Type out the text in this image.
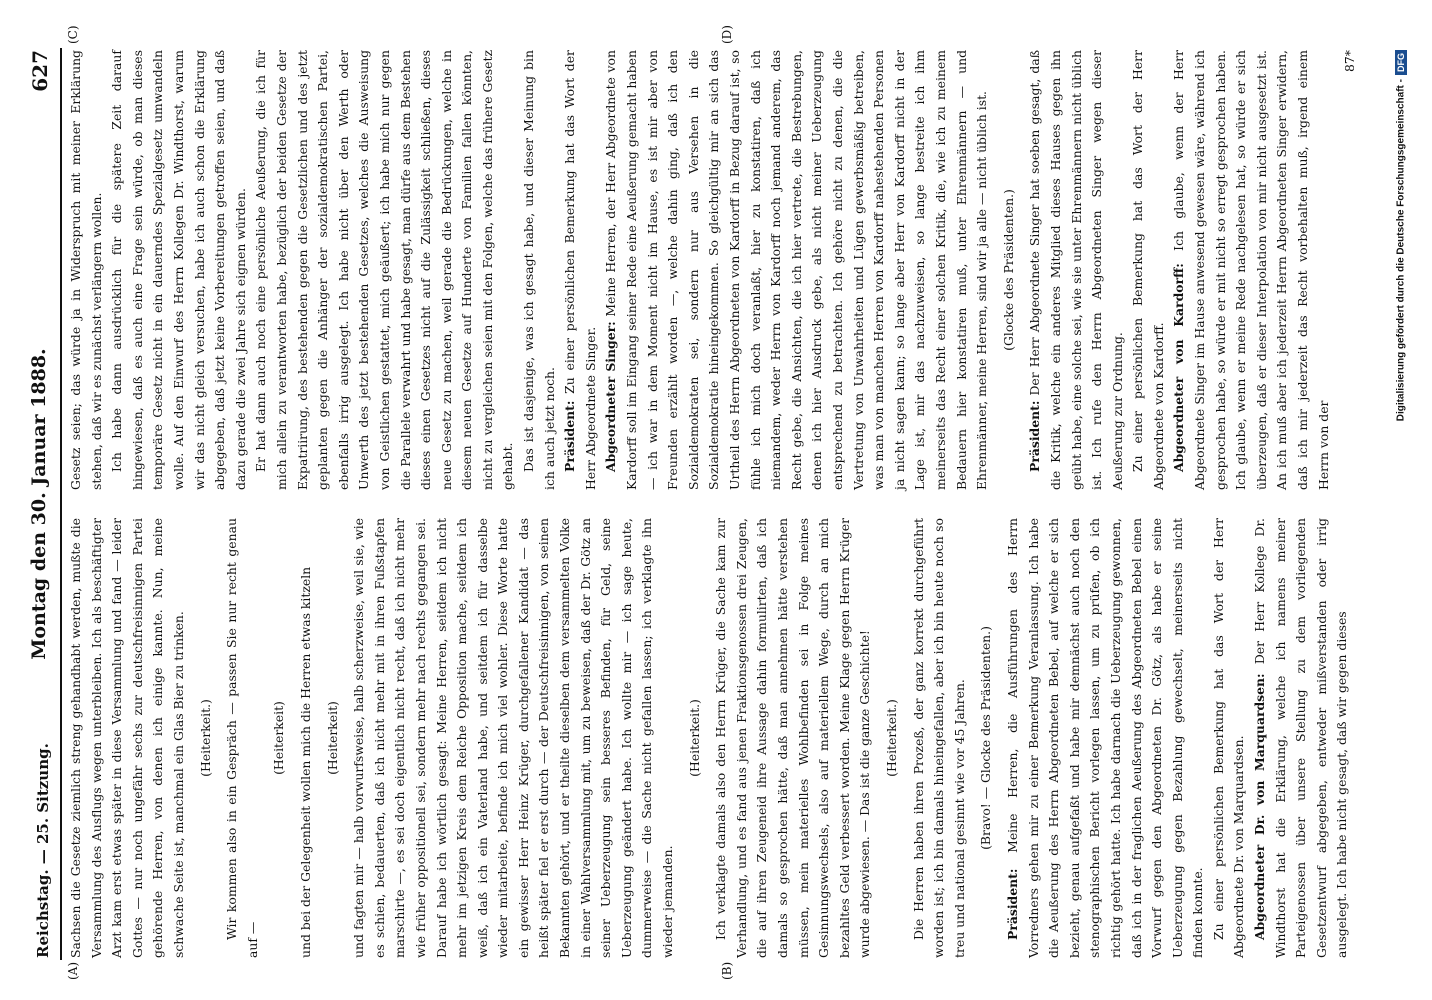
Reichstag. — 25. Sitzung.
Montag den 30. Januar 1888.
627
(A)	(B)
(C)	(D)

Sachsen die Gesetze ziemlich streng gehandhabt werden, mußte die Versammlung des Ausflugs wegen unterbleiben. Ich als beschäftigter Arzt kam erst etwas später in diese Versammlung und fand — leider Gottes — nur noch ungefähr sechs zur deutschfreisinnigen Partei gehörende Herren, von denen ich einige kannte. Nun, meine schwache Seite ist, manchmal ein Glas Bier zu trinken. (Heiterkeit.) Wir kommen also in ein Gespräch — passen Sie nur recht genau auf —

(Heiterkeit) und bei der Gelegenheit wollen mich die Herren etwas kitzeln (Heiterkeit) und fagten mir — halb vorwurfsweise, halb scherzweise, weil sie, wie es schien, bedauerten, daß ich nicht mehr mit in ihren Fußstapfen marschirte —, es sei doch eigentlich nicht recht, daß ich nicht mehr wie früher oppositionell sei, sondern mehr nach rechts gegangen sei. Darauf habe ich wörtlich gesagt: Meine Herren, seitdem ich nicht mehr im jetzigen Kreis dem Reiche Opposition mache, seitdem ich weiß, daß ich ein Vaterland habe, und seitdem ich für dasselbe wieder mitarbeite, befinde ich mich viel wohler. Diese Worte hatte ein gewisser Herr Heinz Krüger, durchgefallener Kandidat — das heißt später fiel er erst durch — der Deutschfreisinnigen, von seinen Bekannten gehört, und er theilte dieselben dem versammelten Volke in einer Wahlversammlung mit, um zu beweisen, daß der Dr. Götz an seiner Ueberzeugung sein besseres Befinden, für Geld, seine Ueberzeugung geändert habe. Ich wollte mir — ich sage heute, dummerweise — die Sache nicht gefallen lassen; ich verklagte ihn wieder jemanden.

(Heiterkeit.) Ich verklagte damals also den Herrn Krüger, die Sache kam zur Verhandlung, und es fand aus jenen Fraktionsgenossen drei Zeugen, die auf ihren Zeugeneid ihre Aussage dahin formulirten, daß ich damals so gesprochen hätte, daß man annehmen hätte verstehen müssen, mein materielles Wohlbefinden sei in Folge meines Gesinnungswechsels, also auf materiellem Wege, durch an mich bezahltes Geld verbessert worden. Meine Klage gegen Herrn Krüger wurde abgewiesen. — Das ist die ganze Geschichte! (Heiterkeit.) Die Herren haben ihren Prozeß, der ganz korrekt durchgeführt worden ist; ich bin damals hineingefallen, aber ich bin heute noch so treu und national gesinnt wie vor 45 Jahren. (Bravo! — Glocke des Präsidenten.)

Präsident: Meine Herren, die Ausführungen des Herrn Vorredners gehen mir zu einer Bemerkung Veranlassung. Ich habe die Aeußerung des Herrn Abgeordneten Bebel, auf welche er sich bezieht, genau aufgefaßt und habe mir demnächst auch noch den stenographischen Bericht vorlegen lassen, um zu prüfen, ob ich richtig gehört hatte. Ich habe darnach die Ueberzeugung gewonnen, daß ich in der fraglichen Aeußerung des Abgeordneten Bebel einen Vorwurf gegen den Abgeordneten Dr. Götz, als habe er seine Ueberzeugung gegen Bezahlung gewechselt, meinerseits nicht finden konnte. Zu einer persönlichen Bemerkung hat das Wort der Herr Abgeordnete Dr. von Marquardsen. Abgeordneter Dr. von Marquardsen: Der Herr Kollege Dr. Windthorst hat die Erklärung, welche ich namens meiner Parteigenossen über unsere Stellung zu dem vorliegenden Gesetzentwurf abgegeben, entweder mißverstanden oder irrig ausgelegt. Ich habe nicht gesagt, daß wir gegen dieses

Gesetz seien; das würde ja in Widerspruch mit meiner Erklärung stehen, daß wir es zunächst verlängern wollen. Ich habe dann ausdrücklich für die spätere Zeit darauf hingewiesen, daß es auch eine Frage sein würde, ob man dieses temporäre Gesetz nicht in ein dauerndes Spezialgesetz umwandeln wolle. Auf den Einwurf des Herrn Kollegen Dr. Windthorst, warum wir das nicht gleich versuchen, habe ich auch schon die Erklärung abgegeben, daß jetzt keine Vorbereitungen getroffen seien, und daß dazu gerade die zwei Jahre sich eignen würden. Er hat dann auch noch eine persönliche Aeußerung, die ich für mich allein zu verantworten habe, bezüglich der beiden Gesetze der Expatriirung, des bestehenden gegen die Gesetzlichen und des jetzt geplanten gegen die Anhänger der sozialdemokratischen Partei, ebenfalls irrig ausgelegt. Ich habe nicht über den Werth oder Unwerth des jetzt bestehenden Gesetzes, welches die Ausweisung von Geistlichen gestattet, mich geäußert; ich habe mich nur gegen die Parallele verwahrt und habe gesagt, man dürfe aus dem Bestehen dieses einen Gesetzes nicht auf die Zulässigkeit schließen, dieses neue Gesetz zu machen, weil gerade die Bedrückungen, welche in diesem neuen Gesetze auf Hunderte von Familien fallen könnten, nicht zu vergleichen seien mit den Folgen, welche das frühere Gesetz gehabt. Das ist dasjenige, was ich gesagt habe, und dieser Meinung bin ich auch jetzt noch. Präsident: Zu einer persönlichen Bemerkung hat das Wort der Herr Abgeordnete Singer. Abgeordneter Singer: Meine Herren, der Herr Abgeordnete von Kardorff soll im Eingang seiner Rede eine Aeußerung gemacht haben — ich war in dem Moment nicht im Hause, es ist mir aber von Freunden erzählt worden —, welche dahin ging, daß ich den Sozialdemokraten sei, sondern nur aus Versehen in die Sozialdemokratie hineingekommen. So gleichgültig mir an sich das Urtheil des Herrn Abgeordneten von Kardorff in Bezug darauf ist, so fühle ich mich doch veranlaßt, hier zu konstatiren, daß ich niemandem, weder Herrn von Kardorff noch jemand anderem, das Recht gebe, die Ansichten, die ich hier vertrete, die Bestrebungen, denen ich hier Ausdruck gebe, als nicht meiner Ueberzeugung entsprechend zu betrachten. Ich gehöre nicht zu denen, die die Vertretung von Unwahrheiten und Lügen gewerbsmäßig betreiben, was man von manchen Herren von Kardorff nahestehenden Personen ja nicht sagen kann; so lange aber Herr von Kardorff nicht in der Lage ist, mir das nachzuweisen, so lange bestreite ich ihm meinerseits das Recht einer solchen Kritik, die, wie ich zu meinem Bedauern hier konstatiren muß, unter Ehrenmännern — und Ehrenmänner, meine Herren, sind wir ja alle — nicht üblich ist. (Glocke des Präsidenten.)

Präsident: Der Herr Abgeordnete Singer hat soeben gesagt, daß die Kritik, welche ein anderes Mitglied dieses Hauses gegen ihn geübt habe, eine solche sei, wie sie unter Ehrenmännern nicht üblich ist. Ich rufe den Herrn Abgeordneten Singer wegen dieser Aeußerung zur Ordnung. Zu einer persönlichen Bemerkung hat das Wort der Herr Abgeordnete von Kardorff. Abgeordneter von Kardorff: Ich glaube, wenn der Herr Abgeordnete Singer im Hause anwesend gewesen wäre, während ich gesprochen habe, so würde er mit nicht so erregt gesprochen haben. Ich glaube, wenn er meine Rede nachgelesen hat, so würde er sich überzeugen, daß er dieser Interpolation von mir nicht ausgesetzt ist. An ich muß aber ich jederzeit Herrn Abgeordneten Singer erwidern, daß ich mir jederzeit das Recht vorbehalten muß, irgend einem Herrn von der

87*

Digitalisierung gefördert durch die Deutsche Forschungsgemeinschaft -DFG
